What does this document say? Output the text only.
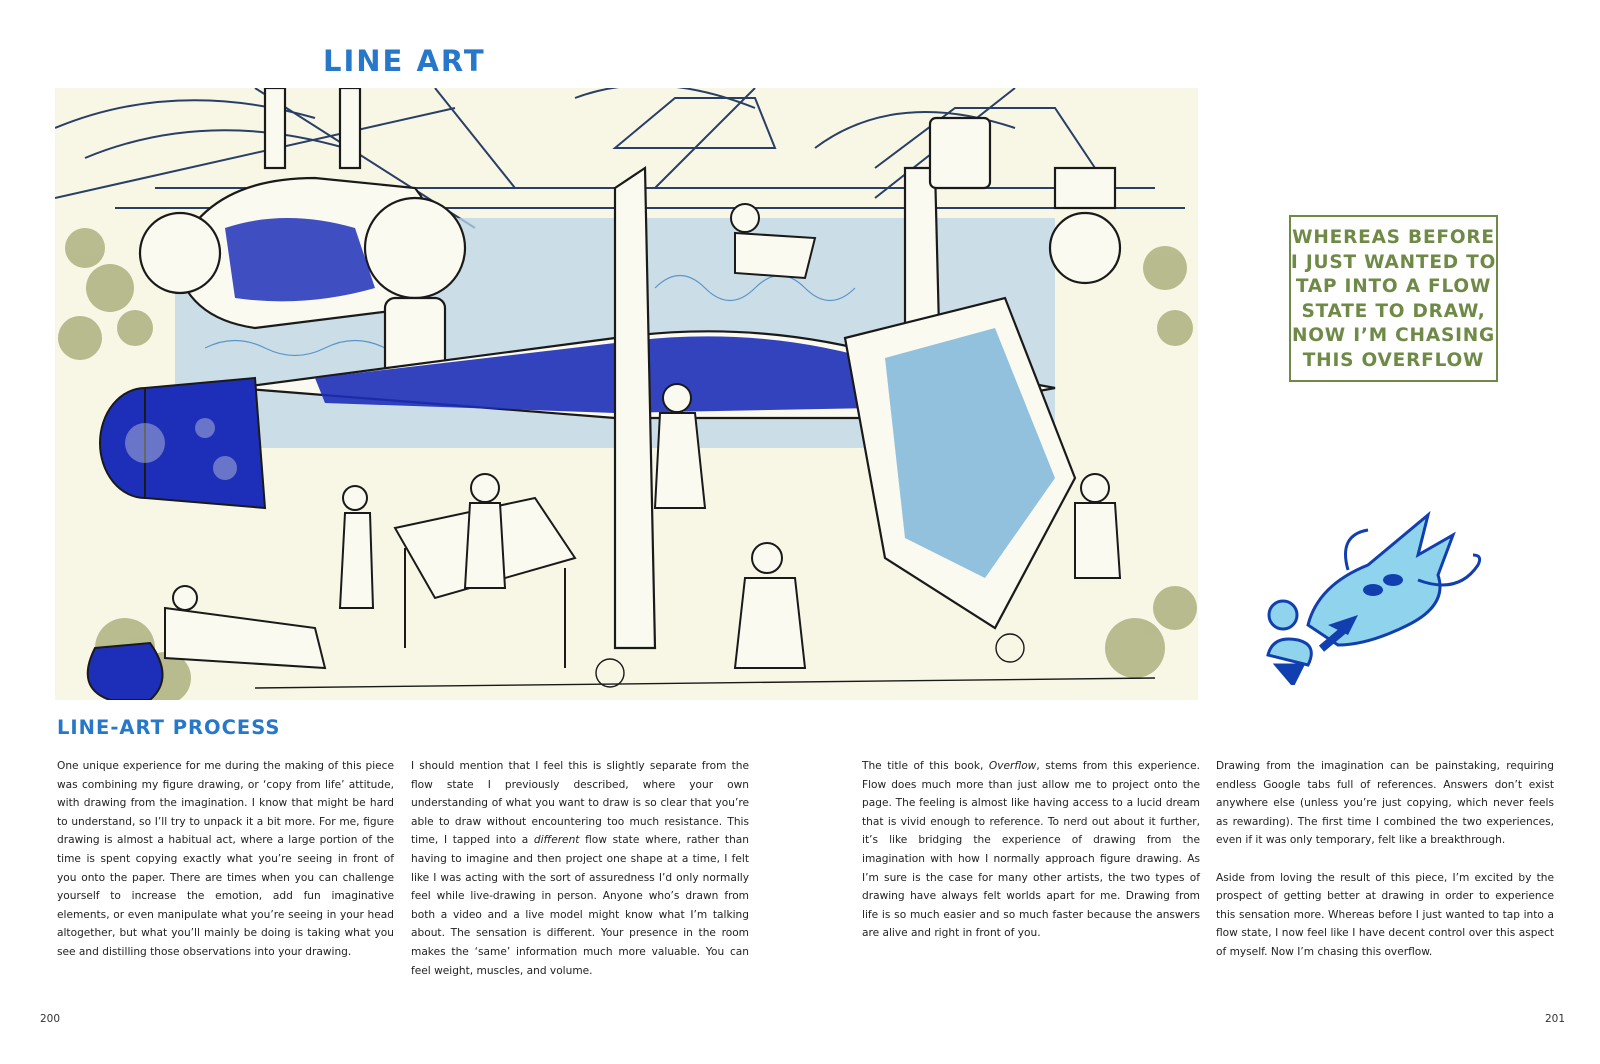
LINE ART
WHEREAS BEFORE
I JUST WANTED TO
TAP INTO A FLOW
STATE TO DRAW,
NOW I’M CHASING
THIS OVERFLOW
LINE-ART PROCESS

One unique experience for me during the making of this piece was combining my figure drawing, or ‘copy from life’ attitude, with drawing from the imagination. I know that might be hard to understand, so I’ll try to unpack it a bit more. For me, figure drawing is almost a habitual act, where a large portion of the time is spent copying exactly what you’re seeing in front of you onto the paper. There are times when you can challenge yourself to increase the emotion, add fun imaginative elements, or even manipulate what you’re seeing in your head altogether, but what you’ll mainly be doing is taking what you see and distilling those observations into your drawing.

I should mention that I feel this is slightly separate from the flow state I previously described, where your own understanding of what you want to draw is so clear that you’re able to draw without encountering too much resistance. This time, I tapped into a different flow state where, rather than having to imagine and then project one shape at a time, I felt like I was acting with the sort of assuredness I’d only normally feel while live-drawing in person. Anyone who’s drawn from both a video and a live model might know what I’m talking about. The sensation is different. Your presence in the room makes the ‘same’ information much more valuable. You can feel weight, muscles, and volume.

The title of this book, Overflow, stems from this experience. Flow does much more than just allow me to project onto the page. The feeling is almost like having access to a lucid dream that is vivid enough to reference. To nerd out about it further, it’s like bridging the experience of drawing from the imagination with how I normally approach figure drawing. As I’m sure is the case for many other artists, the two types of drawing have always felt worlds apart for me. Drawing from life is so much easier and so much faster because the answers are alive and right in front of you.

Drawing from the imagination can be painstaking, requiring endless Google tabs full of references. Answers don’t exist anywhere else (unless you’re just copying, which never feels as rewarding). The first time I combined the two experiences, even if it was only temporary, felt like a breakthrough.

Aside from loving the result of this piece, I’m excited by the prospect of getting better at drawing in order to experience this sensation more. Whereas before I just wanted to tap into a flow state, I now feel like I have decent control over this aspect of myself. Now I’m chasing this overflow.

200	201
